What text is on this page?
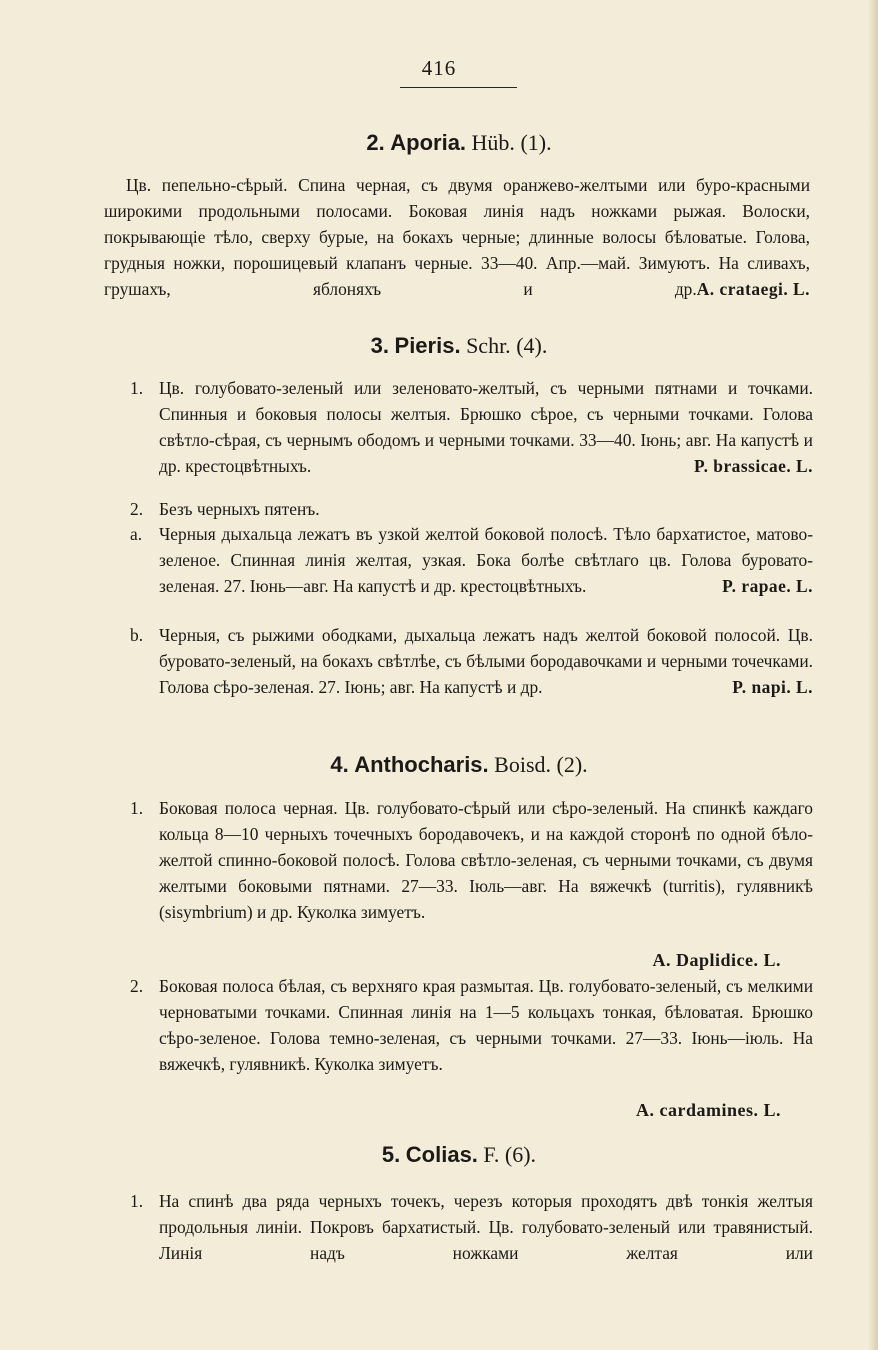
416
2. Aporia. Hüb. (1).

Цв. пепельно-сѣрый. Спина черная, съ двумя оранжево-желтыми или буро-красными широкими продольными полосами. Боковая линія надъ ножками рыжая. Волоски, покрывающіе тѣло, сверху бурые, на бокахъ черные; длинные волосы бѣловатые. Голова, грудныя ножки, порошицевый клапанъ черные. 33—40. Апр.—май. Зимуютъ. На сливахъ, грушахъ, яблоняхъ и др. A. crataegi. L.

3. Pieris. Schr. (4).
1. Цв. голубовато-зеленый или зеленовато-желтый, съ черными пятнами и точками. Спинныя и боковыя полосы желтыя. Брюшко сѣрое, съ черными точками. Голова свѣтло-сѣрая, съ чернымъ ободомъ и черными точками. 33—40. Іюнь; авг. На капустѣ и др. крестоцвѣтныхъ.	P. brassicae. L.

2. Безъ черныхъ пятенъ.

a. Черныя дыхальца лежатъ въ узкой желтой боковой полосѣ. Тѣло бархатистое, матово-зеленое. Спинная линія желтая, узкая. Бока болѣе свѣтлаго цв. Голова буровато-зеленая. 27. Іюнь—авг. На капустѣ и др. крестоцвѣтныхъ.	P. rapae. L.

b. Черныя, съ рыжими ободками, дыхальца лежатъ надъ желтой боковой полосой. Цв. буровато-зеленый, на бокахъ свѣтлѣе, съ бѣлыми бородавочками и черными точечками. Голова сѣро-зеленая. 27. Іюнь; авг. На капустѣ и др.	P. napi. L.

4. Anthocharis. Boisd. (2).
1. Боковая полоса черная. Цв. голубовато-сѣрый или сѣро-зеленый. На спинкѣ каждаго кольца 8—10 черныхъ точечныхъ бородавочекъ, и на каждой сторонѣ по одной бѣло-желтой спинно-боковой полосѣ. Голова свѣтло-зеленая, съ черными точками, съ двумя желтыми боковыми пятнами. 27—33. Іюль—авг. На вяжечкѣ (turritis), гулявникѣ (sisymbrium) и др. Куколка зимуетъ.

A. Daplidice. L.
2. Боковая полоса бѣлая, съ верхняго края размытая. Цв. голубовато-зеленый, съ мелкими черноватыми точками. Спинная линія на 1—5 кольцахъ тонкая, бѣловатая. Брюшко сѣро-зеленое. Голова темно-зеленая, съ черными точками. 27—33. Іюнь—іюль. На вяжечкѣ, гулявникѣ. Куколка зимуетъ.

A. cardamines. L.
5. Colias. F. (6).
1. На спинѣ два ряда черныхъ точекъ, черезъ которыя проходятъ двѣ тонкія желтыя продольныя линіи. Покровъ бархатистый. Цв. голубовато-зеленый или травянистый. Линія надъ ножками желтая или
